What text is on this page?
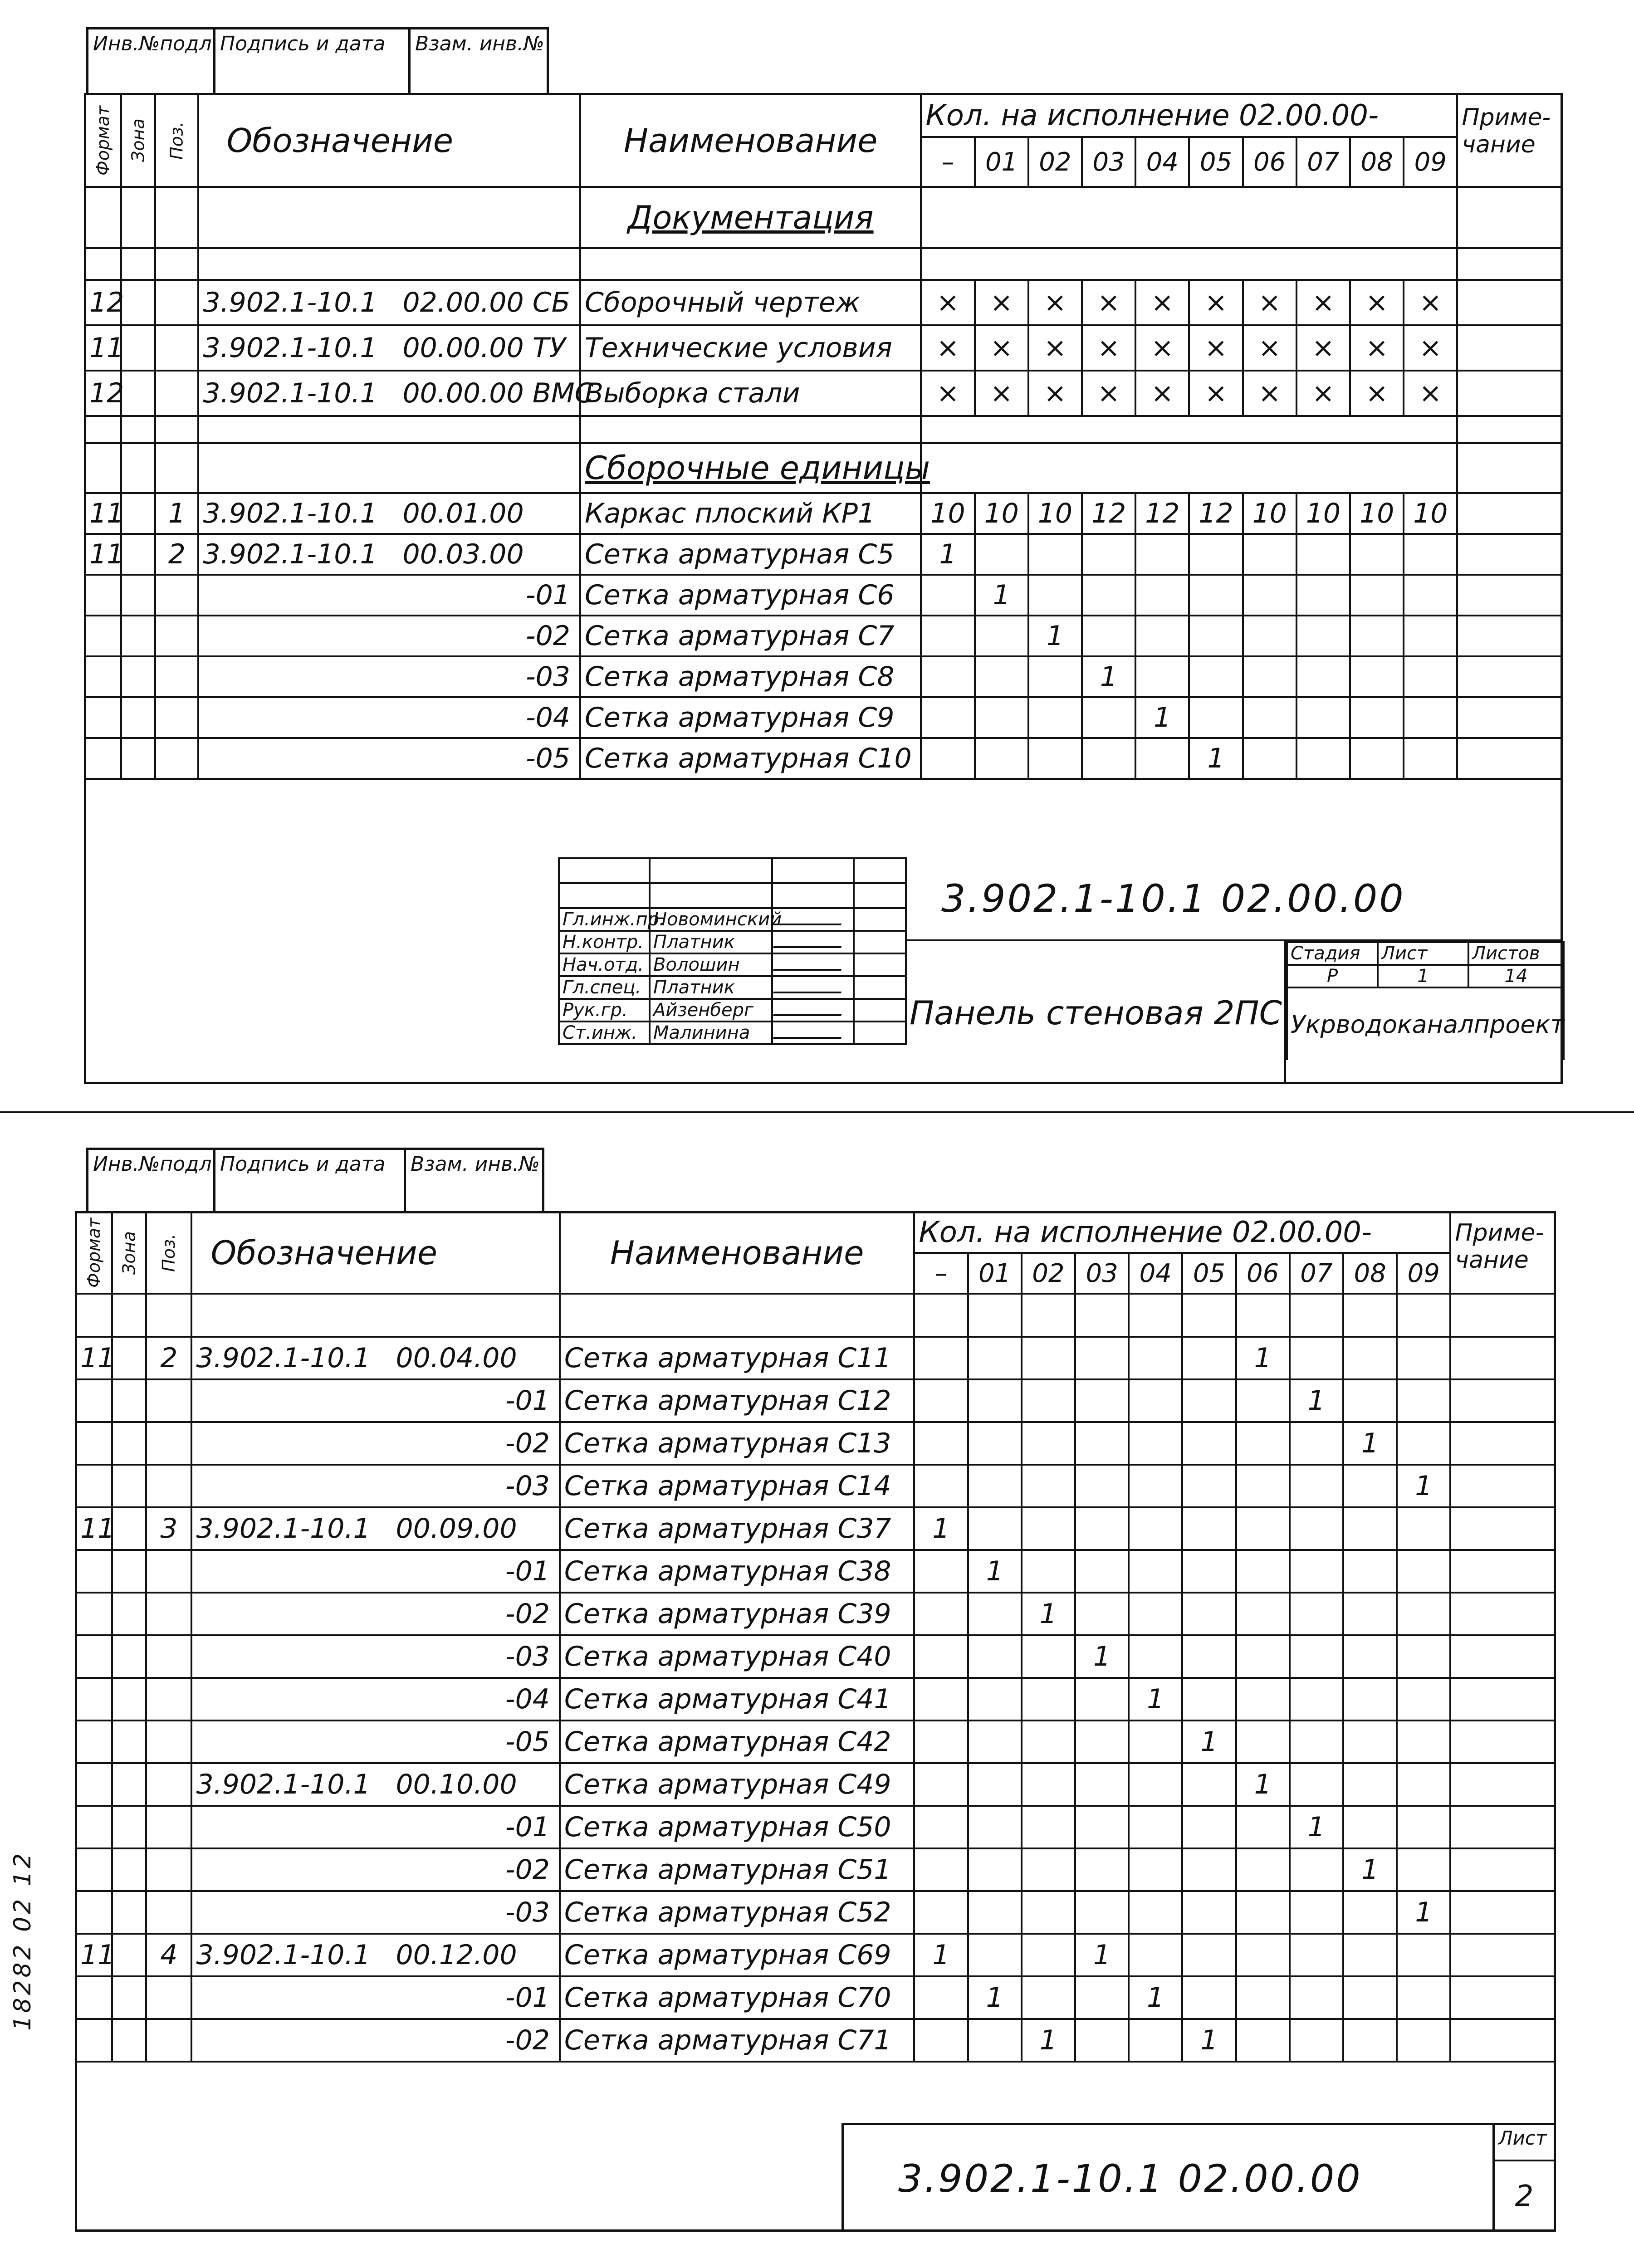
Инв.№подл. Подпись и дата	Взам. инв.№
Формат	Зона	Поз.	Обозначение	Наименование	Кол. на исполнение 02.00.00-										Приме-чание
					–	01	02	03	04	05	06	07	08	09	
				Документация											

12			3.902.1-10.1 02.00.00 СБ	Сборочный чертеж	×	×	×	×	×	×	×	×	×	×	
11			3.902.1-10.1 00.00.00 ТУ	Технические условия	×	×	×	×	×	×	×	×	×	×	
12			3.902.1-10.1 00.00.00 ВМС	Выборка стали	×	×	×	×	×	×	×	×	×	×	

				Сборочные единицы											
11		1	3.902.1-10.1 00.01.00	Каркас плоский КР1	10	10	10	12	12	12	10	10	10	10	
11		2	3.902.1-10.1 00.03.00	Сетка арматурная С5	1										
			-01	Сетка арматурная С6		1									
			-02	Сетка арматурная С7			1								
			-03	Сетка арматурная С8				1							
			-04	Сетка арматурная С9					1						
			-05	Сетка арматурная С10						1					

Гл.инж.пр.	Новоминский		
Н.контр.	Платник		
Нач.отд.	Волошин		
Гл.спец.	Платник		
Рук.гр.	Айзенберг		
Ст.инж.	Малинина		
3.902.1-10.1 02.00.00
Панель стеновая 2ПС
Стадия	Лист	Листов
Р	1	14
Укрводоканалпроект		
Инв.№подл. Подпись и дата	Взам. инв.№
Формат	Зона	Поз.	Обозначение	Наименование	Кол. на исполнение 02.00.00-										Приме-чание
					–	01	02	03	04	05	06	07	08	09	

11		2	3.902.1-10.1 00.04.00	Сетка арматурная С11							1				
			-01	Сетка арматурная С12								1			
			-02	Сетка арматурная С13									1		
			-03	Сетка арматурная С14										1	
11		3	3.902.1-10.1 00.09.00	Сетка арматурная С37	1										
			-01	Сетка арматурная С38		1									
			-02	Сетка арматурная С39			1								
			-03	Сетка арматурная С40				1							
			-04	Сетка арматурная С41					1						
			-05	Сетка арматурная С42						1					
			3.902.1-10.1 00.10.00	Сетка арматурная С49							1				
			-01	Сетка арматурная С50								1			
			-02	Сетка арматурная С51									1		
			-03	Сетка арматурная С52										1	
11		4	3.902.1-10.1 00.12.00	Сетка арматурная С69	1			1							
			-01	Сетка арматурная С70		1			1						
			-02	Сетка арматурная С71			1			1					
3.902.1-10.1 02.00.00
Лист
2
18282 02 12
